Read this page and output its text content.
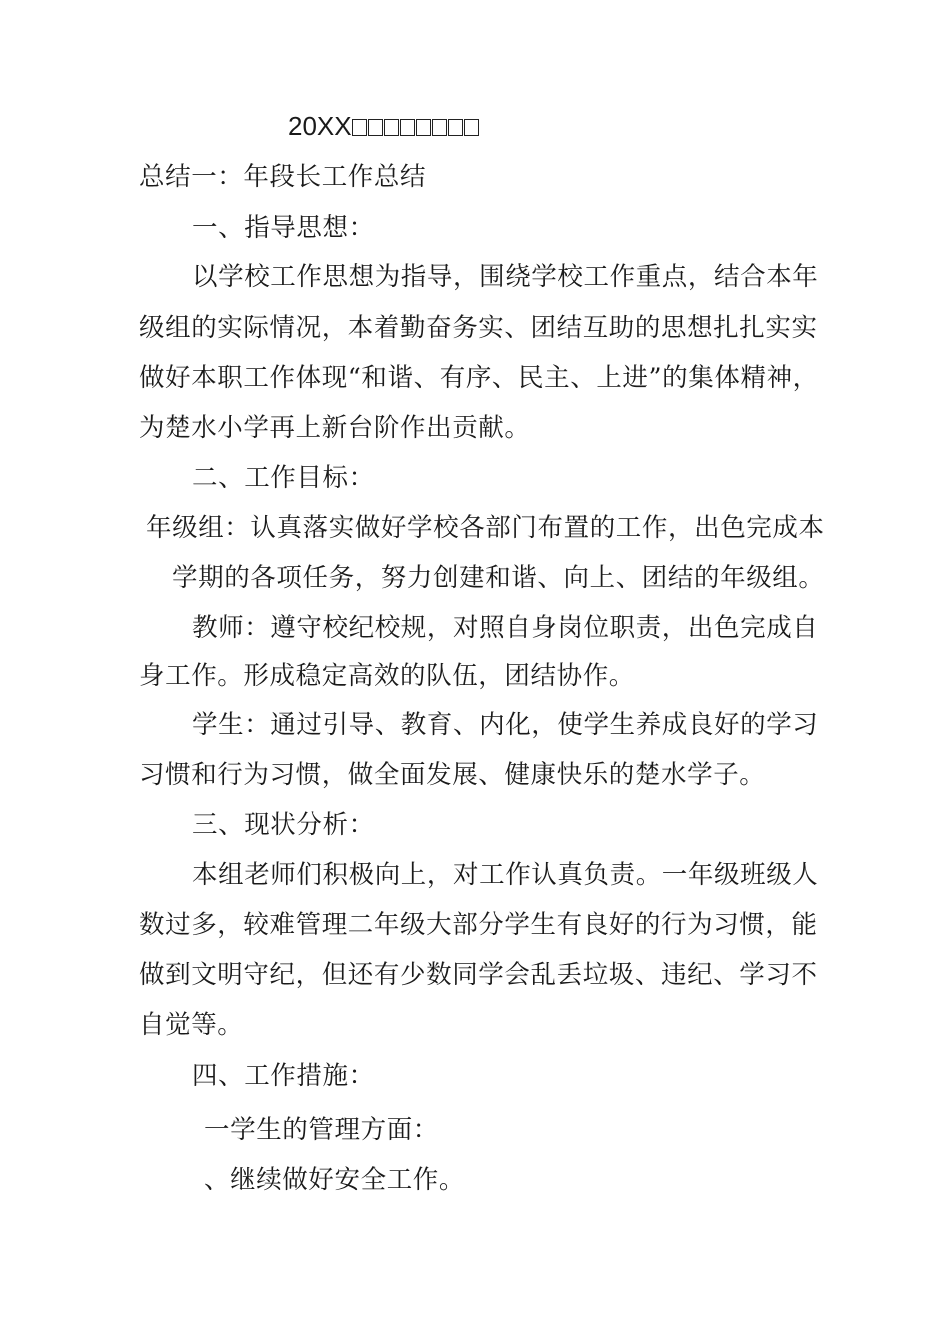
20XX
总结一：年段长工作总结
一、指导思想：
以学校工作思想为指导，围绕学校工作重点，结合本年
级组的实际情况，本着勤奋务实、团结互助的思想扎扎实实
做好本职工作体现“和谐、有序、民主、上进”的集体精神，
为楚水小学再上新台阶作出贡献。
二、工作目标：
年级组：认真落实做好学校各部门布置的工作，出色完成本
学期的各项任务，努力创建和谐、向上、团结的年级组。
教师：遵守校纪校规，对照自身岗位职责，出色完成自
身工作。形成稳定高效的队伍，团结协作。
学生：通过引导、教育、内化，使学生养成良好的学习
习惯和行为习惯，做全面发展、健康快乐的楚水学子。
三、现状分析：
本组老师们积极向上，对工作认真负责。一年级班级人
数过多，较难管理二年级大部分学生有良好的行为习惯，能
做到文明守纪，但还有少数同学会乱丢垃圾、违纪、学习不
自觉等。
四、工作措施：
一学生的管理方面：
、继续做好安全工作。
